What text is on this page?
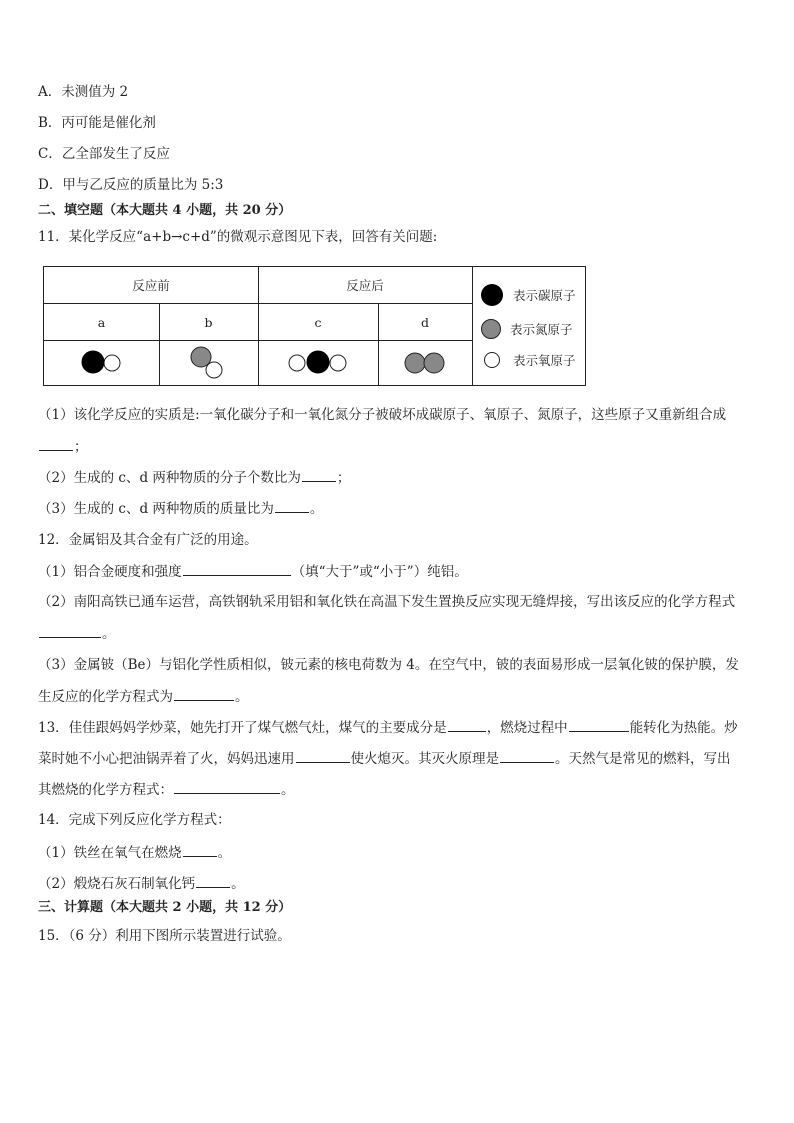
A．未测值为 2
B．丙可能是催化剂
C．乙全部发生了反应
D．甲与乙反应的质量比为 5:3
二、填空题（本大题共 4 小题，共 20 分）
11．某化学反应“a+b→c+d”的微观示意图见下表，回答有关问题:
反应前	反应后
a	b	c	d
表示碳原子
表示氮原子
表示氧原子
（1）该化学反应的实质是:一氧化碳分子和一氧化氮分子被破坏成碳原子、氧原子、氮原子，这些原子又重新组合成
；
（2）生成的 c、d 两种物质的分子个数比为	；
（3）生成的 c、d 两种物质的质量比为	。
12．金属铝及其合金有广泛的用途。
（1）铝合金硬度和强度	（填“大于”或“小于”）纯铝。
（2）南阳高铁已通车运营，高铁钢轨采用铝和氧化铁在高温下发生置换反应实现无缝焊接，写出该反应的化学方程式
。
（3）金属铍（Be）与铝化学性质相似，铍元素的核电荷数为 4。在空气中，铍的表面易形成一层氧化铍的保护膜，发
生反应的化学方程式为	。
13．佳佳跟妈妈学炒菜，她先打开了煤气燃气灶，煤气的主要成分是	，燃烧过程中	能转化为热能。炒
菜时她不小心把油锅弄着了火，妈妈迅速用	使火熄灭。其灭火原理是	。天然气是常见的燃料，写出
其燃烧的化学方程式：	。
14．完成下列反应化学方程式：
（1）铁丝在氧气在燃烧	。
（2）煅烧石灰石制氧化钙	。
三、计算题（本大题共 2 小题，共 12 分）
15．（6 分）利用下图所示装置进行试验。
